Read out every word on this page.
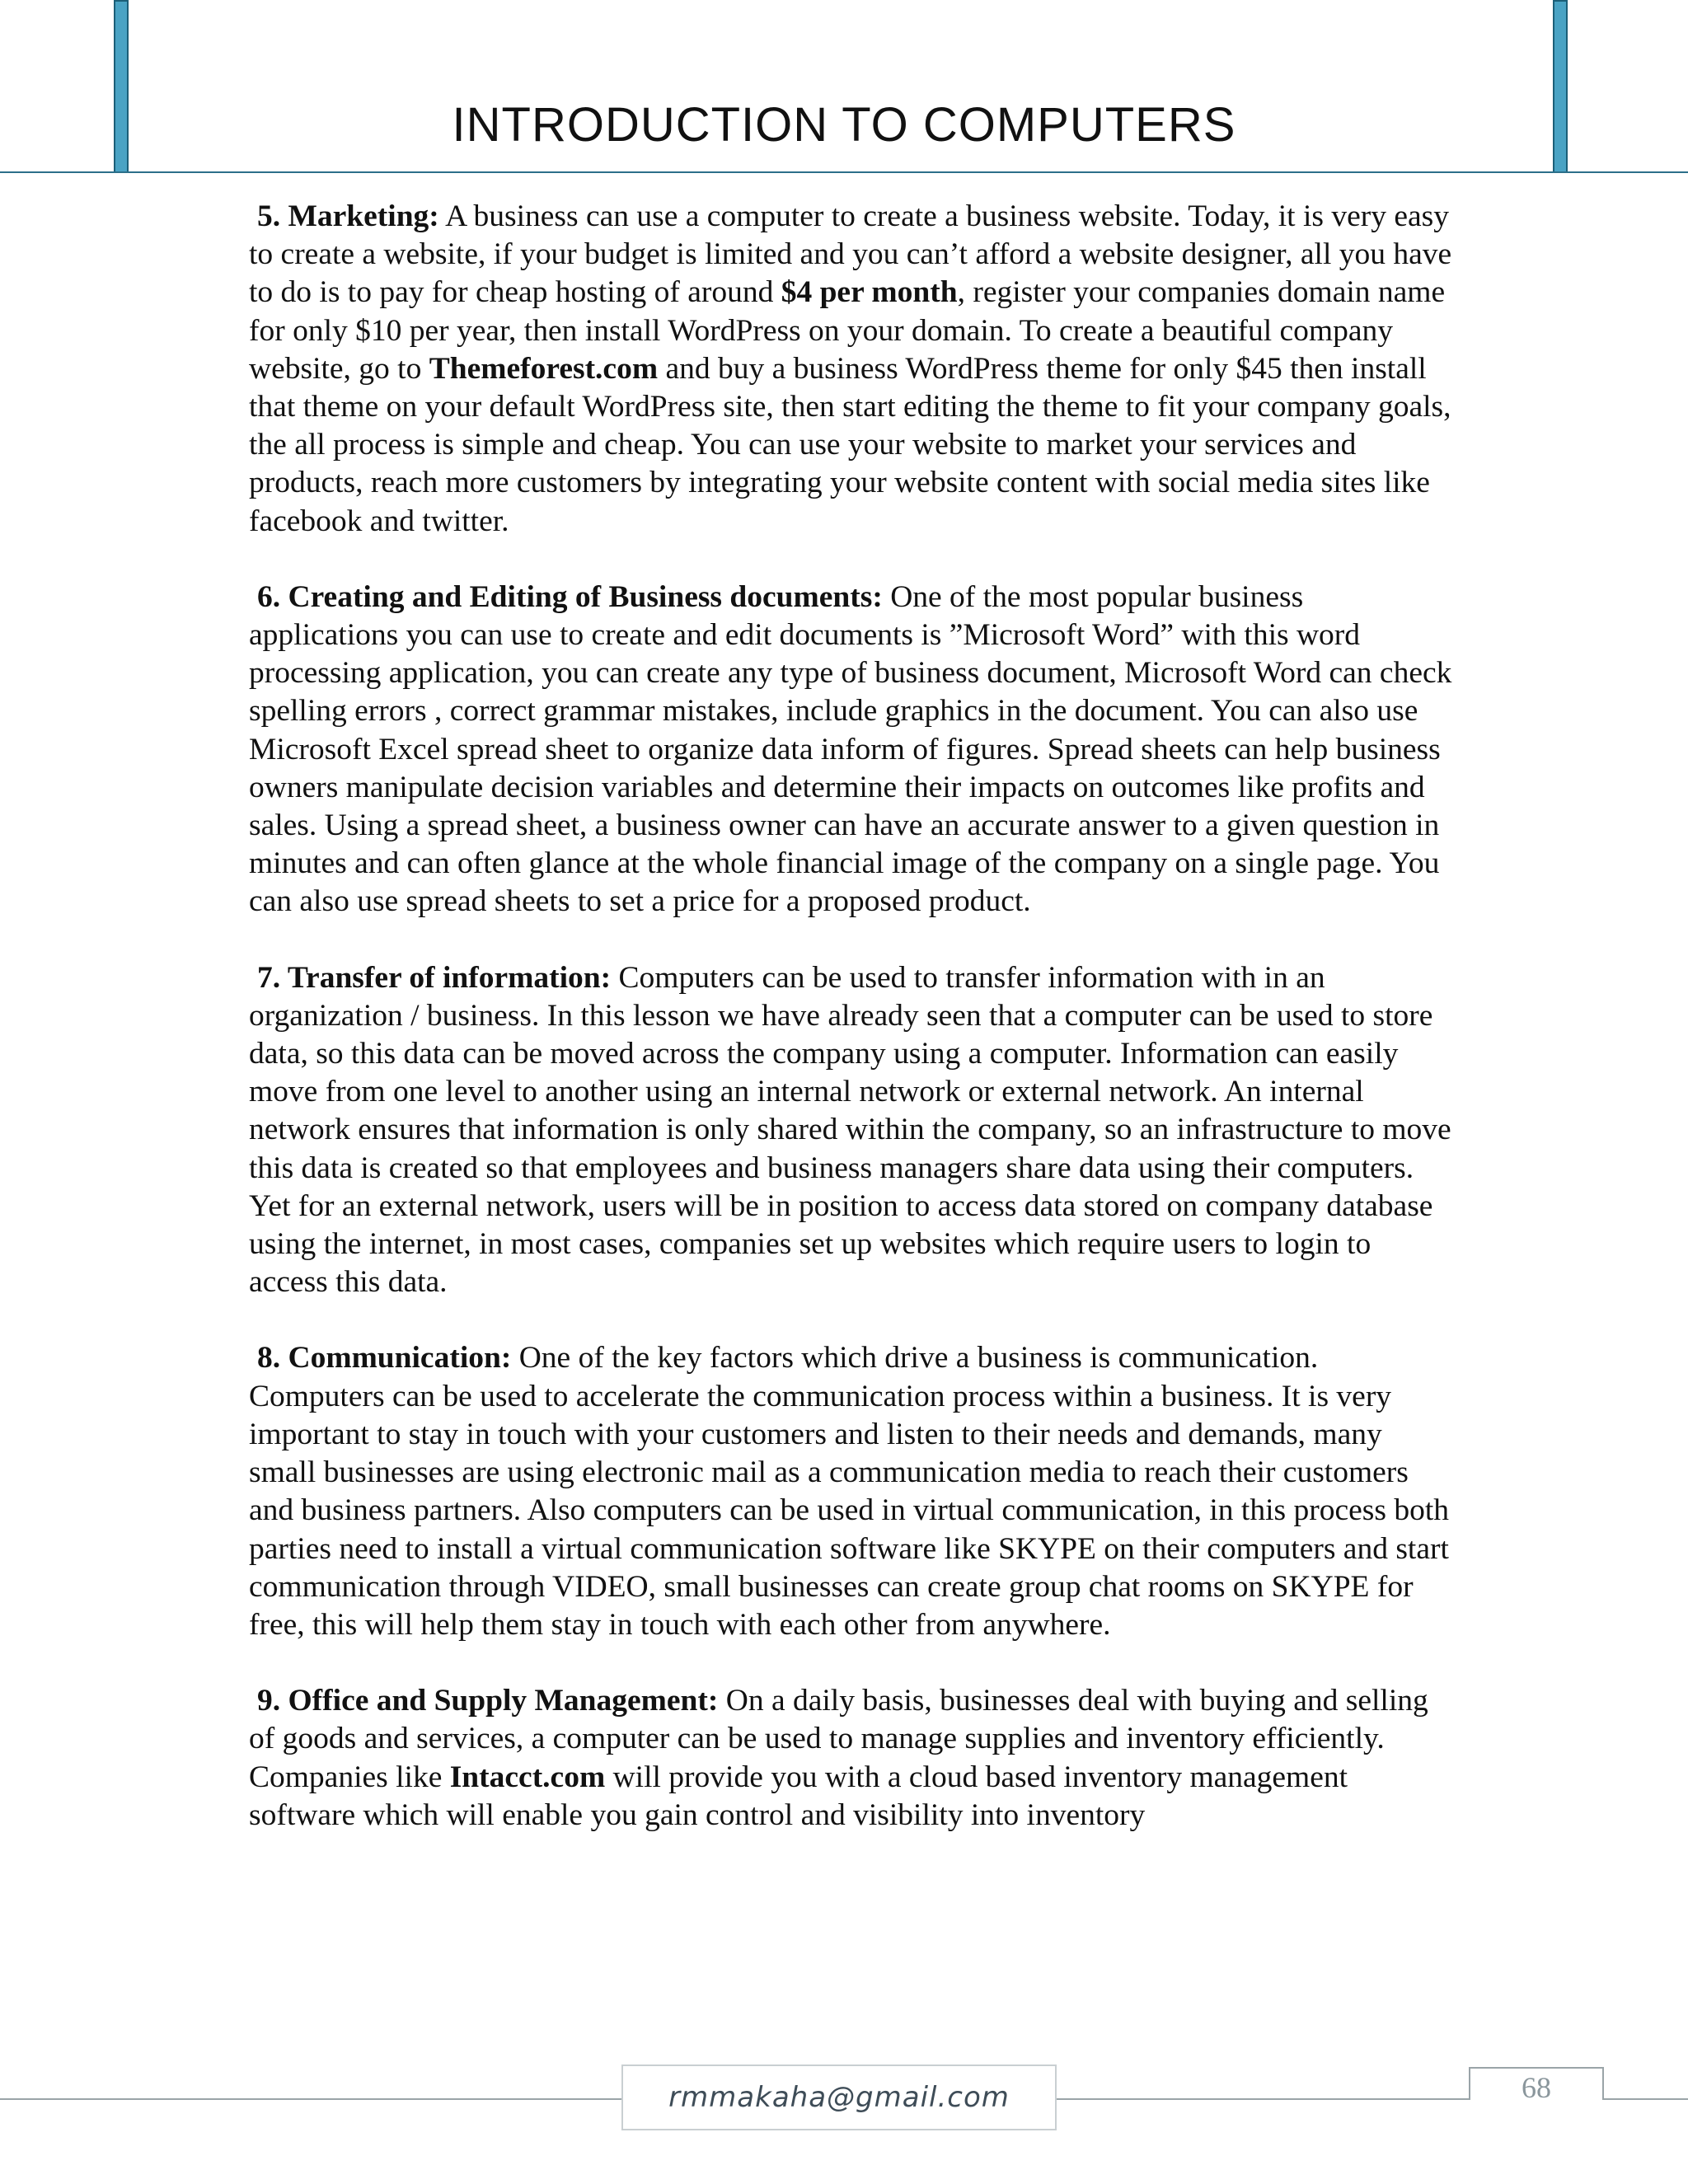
INTRODUCTION TO COMPUTERS

5. Marketing: A business can use a computer to create a business website. Today, it is very easy to create a website, if your budget is limited and you can’t afford a website designer, all you have to do is to pay for cheap hosting of around $4 per month, register your companies domain name for only $10 per year, then install WordPress on your domain. To create a beautiful company website, go to Themeforest.com and buy a business WordPress theme for only $45 then install that theme on your default WordPress site, then start editing the theme to fit your company goals, the all process is simple and cheap. You can use your website to market your services and products, reach more customers by integrating your website content with social media sites like facebook and twitter.

6. Creating and Editing of Business documents: One of the most popular business applications you can use to create and edit documents is ”Microsoft Word” with this word processing application, you can create any type of business document, Microsoft Word can check spelling errors , correct grammar mistakes, include graphics in the document. You can also use Microsoft Excel spread sheet to organize data inform of figures. Spread sheets can help business owners manipulate decision variables and determine their impacts on outcomes like profits and sales. Using a spread sheet, a business owner can have an accurate answer to a given question in minutes and can often glance at the whole financial image of the company on a single page. You can also use spread sheets to set a price for a proposed product.

7. Transfer of information: Computers can be used to transfer information with in an organization / business. In this lesson we have already seen that a computer can be used to store data, so this data can be moved across the company using a computer. Information can easily move from one level to another using an internal network or external network. An internal network ensures that information is only shared within the company, so an infrastructure to move this data is created so that employees and business managers share data using their computers. Yet for an external network, users will be in position to access data stored on company database using the internet, in most cases, companies set up websites which require users to login to access this data.

8. Communication: One of the key factors which drive a business is communication. Computers can be used to accelerate the communication process within a business. It is very important to stay in touch with your customers and listen to their needs and demands, many small businesses are using electronic mail as a communication media to reach their customers and business partners. Also computers can be used in virtual communication, in this process both parties need to install a virtual communication software like SKYPE on their computers and start communication through VIDEO, small businesses can create group chat rooms on SKYPE for free, this will help them stay in touch with each other from anywhere.

9. Office and Supply Management: On a daily basis, businesses deal with buying and selling of goods and services, a computer can be used to manage supplies and inventory efficiently. Companies like Intacct.com will provide you with a cloud based inventory management software which will enable you gain control and visibility into inventory

rmmakaha@gmail.com	68
